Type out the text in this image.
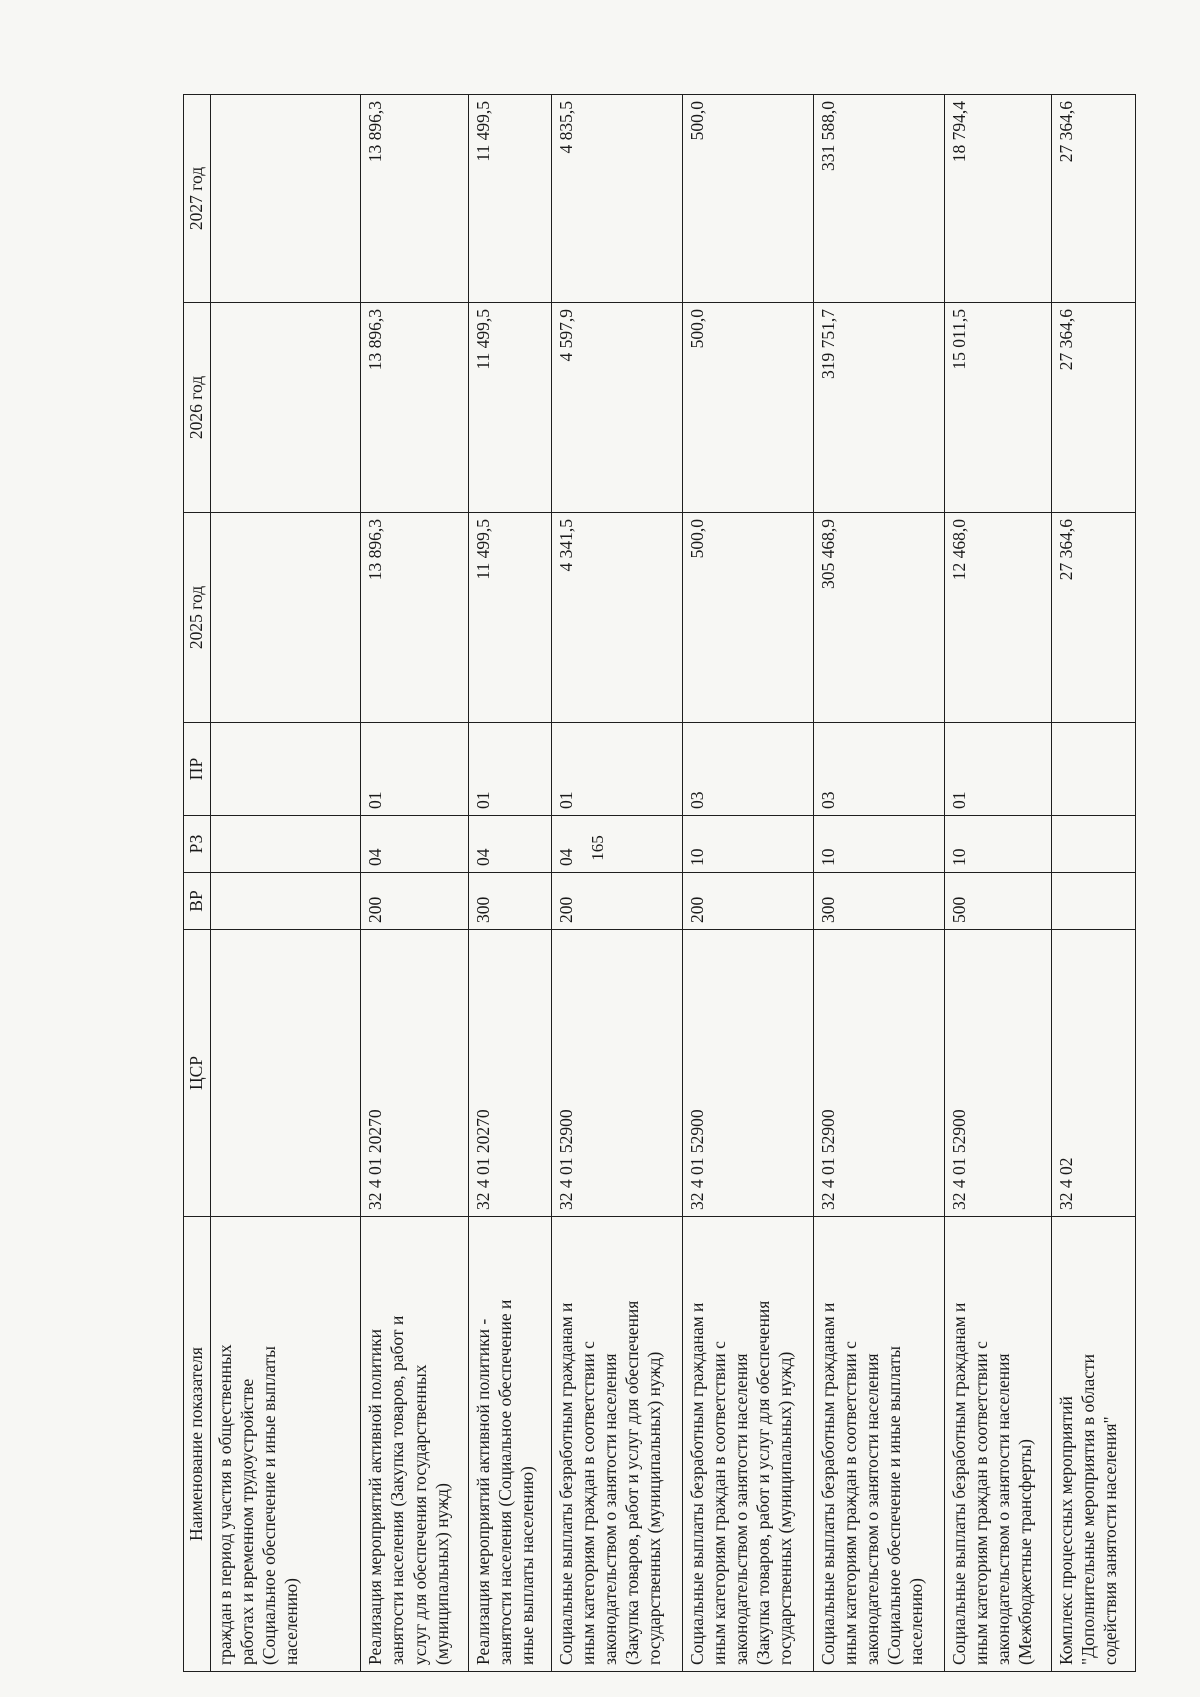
165
Наименование показателя	ЦСР	ВР	РЗ	ПР	2025 год	2026 год	2027 год

граждан в период участия в общественных работах и временном трудоустройстве (Социальное обеспечение и иные выплаты населению)							

Реализация мероприятий активной политики занятости населения (Закупка товаров, работ и услуг для обеспечения государственных (муниципальных) нужд)	32 4 01 20270	200	04	01	13 896,3	13 896,3	13 896,3

Реализация мероприятий активной политики - занятости населения (Социальное обеспечение и иные выплаты населению)	32 4 01 20270	300	04	01	11 499,5	11 499,5	11 499,5

Социальные выплаты безработным гражданам и иным категориям граждан в соответствии с законодательством о занятости населения (Закупка товаров, работ и услуг для обеспечения государственных (муниципальных) нужд)	32 4 01 52900	200	04	01	4 341,5	4 597,9	4 835,5

Социальные выплаты безработным гражданам и иным категориям граждан в соответствии с законодательством о занятости населения (Закупка товаров, работ и услуг для обеспечения государственных (муниципальных) нужд)	32 4 01 52900	200	10	03	500,0	500,0	500,0

Социальные выплаты безработным гражданам и иным категориям граждан в соответствии с законодательством о занятости населения (Социальное обеспечение и иные выплаты населению)	32 4 01 52900	300	10	03	305 468,9	319 751,7	331 588,0

Социальные выплаты безработным гражданам и иным категориям граждан в соответствии с законодательством о занятости населения (Межбюджетные трансферты)	32 4 01 52900	500	10	01	12 468,0	15 011,5	18 794,4

Комплекс процессных мероприятий "Дополнительные мероприятия в области содействия занятости населения"	32 4 02				27 364,6	27 364,6	27 364,6
